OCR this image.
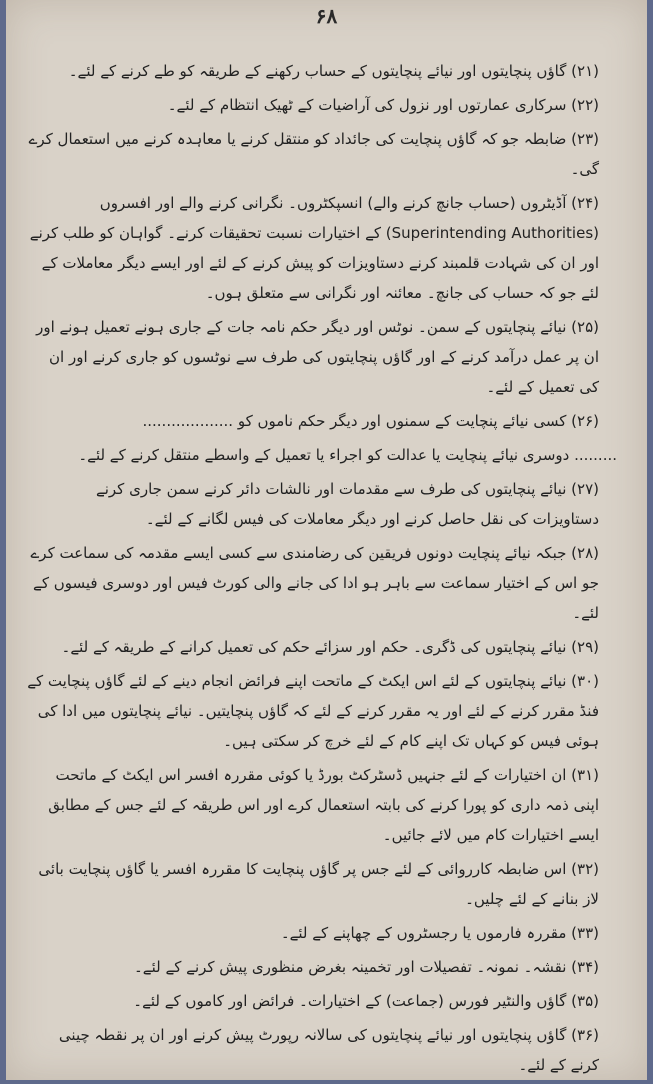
۶۸

(۲۱) گاؤں پنچایتوں اور نیائے پنچایتوں کے حساب رکھنے کے طریقہ کو طے کرنے کے لئے۔

(۲۲) سرکاری عمارتوں اور نزول کی آراضیات کے ٹھیک انتظام کے لئے۔

(۲۳) ضابطہ جو کہ گاؤں پنچایت کی جائداد کو منتقل کرنے یا معاہدہ کرنے میں استعمال کرے گی۔

(۲۴) آڈیٹروں (حساب جانچ کرنے والے) انسپکٹروں۔ نگرانی کرنے والے اور افسروں (Superintending Authorities) کے اختیارات نسبت تحقیقات کرنے۔ گواہان کو طلب کرنے اور ان کی شہادت قلمبند کرنے دستاویزات کو پیش کرنے کے لئے اور ایسے دیگر معاملات کے لئے جو کہ حساب کی جانچ۔ معائنہ اور نگرانی سے متعلق ہوں۔

(۲۵) نیائے پنچایتوں کے سمن۔ نوٹس اور دیگر حکم نامہ جات کے جاری ہونے تعمیل ہونے اور ان پر عمل درآمد کرنے کے اور گاؤں پنچایتوں کی طرف سے نوٹسوں کو جاری کرنے اور ان کی تعمیل کے لئے۔

(۲۶) کسی نیائے پنچایت کے سمنوں اور دیگر حکم ناموں کو ...................

......... دوسری نیائے پنچایت یا عدالت کو اجراء یا تعمیل کے واسطے منتقل کرنے کے لئے۔

(۲۷) نیائے پنچایتوں کی طرف سے مقدمات اور نالشات دائر کرنے سمن جاری کرنے دستاویزات کی نقل حاصل کرنے اور دیگر معاملات کی فیس لگانے کے لئے۔

(۲۸) جبکہ نیائے پنچایت دونوں فریقین کی رضامندی سے کسی ایسے مقدمہ کی سماعت کرے جو اس کے اختیار سماعت سے باہر ہو ادا کی جانے والی کورٹ فیس اور دوسری فیسوں کے لئے۔

(۲۹) نیائے پنچایتوں کی ڈگری۔ حکم اور سزائے حکم کی تعمیل کرانے کے طریقہ کے لئے۔

(۳۰) نیائے پنچایتوں کے لئے اس ایکٹ کے ماتحت اپنے فرائض انجام دینے کے لئے گاؤں پنچایت کے فنڈ مقرر کرنے کے لئے اور یہ مقرر کرنے کے لئے کہ گاؤں پنچایتیں۔ نیائے پنچایتوں میں ادا کی ہوئی فیس کو کہاں تک اپنے کام کے لئے خرچ کر سکتی ہیں۔

(۳۱) ان اختیارات کے لئے جنہیں ڈسٹرکٹ بورڈ یا کوئی مقررہ افسر اس ایکٹ کے ماتحت اپنی ذمہ داری کو پورا کرنے کی بابتہ استعمال کرے اور اس طریقہ کے لئے جس کے مطابق ایسے اختیارات کام میں لائے جائیں۔

(۳۲) اس ضابطہ کارروائی کے لئے جس پر گاؤں پنچایت کا مقررہ افسر یا گاؤں پنچایت بائی لاز بنانے کے لئے چلیں۔

(۳۳) مقررہ فارموں یا رجسٹروں کے چھاپنے کے لئے۔

(۳۴) نقشہ۔ نمونہ۔ تفصیلات اور تخمینہ بغرض منظوری پیش کرنے کے لئے۔

(۳۵) گاؤں والنٹیر فورس (جماعت) کے اختیارات۔ فرائض اور کاموں کے لئے۔

(۳۶) گاؤں پنچایتوں اور نیائے پنچایتوں کی سالانہ رپورٹ پیش کرنے اور ان پر نقطہ چینی کرنے کے لئے۔
